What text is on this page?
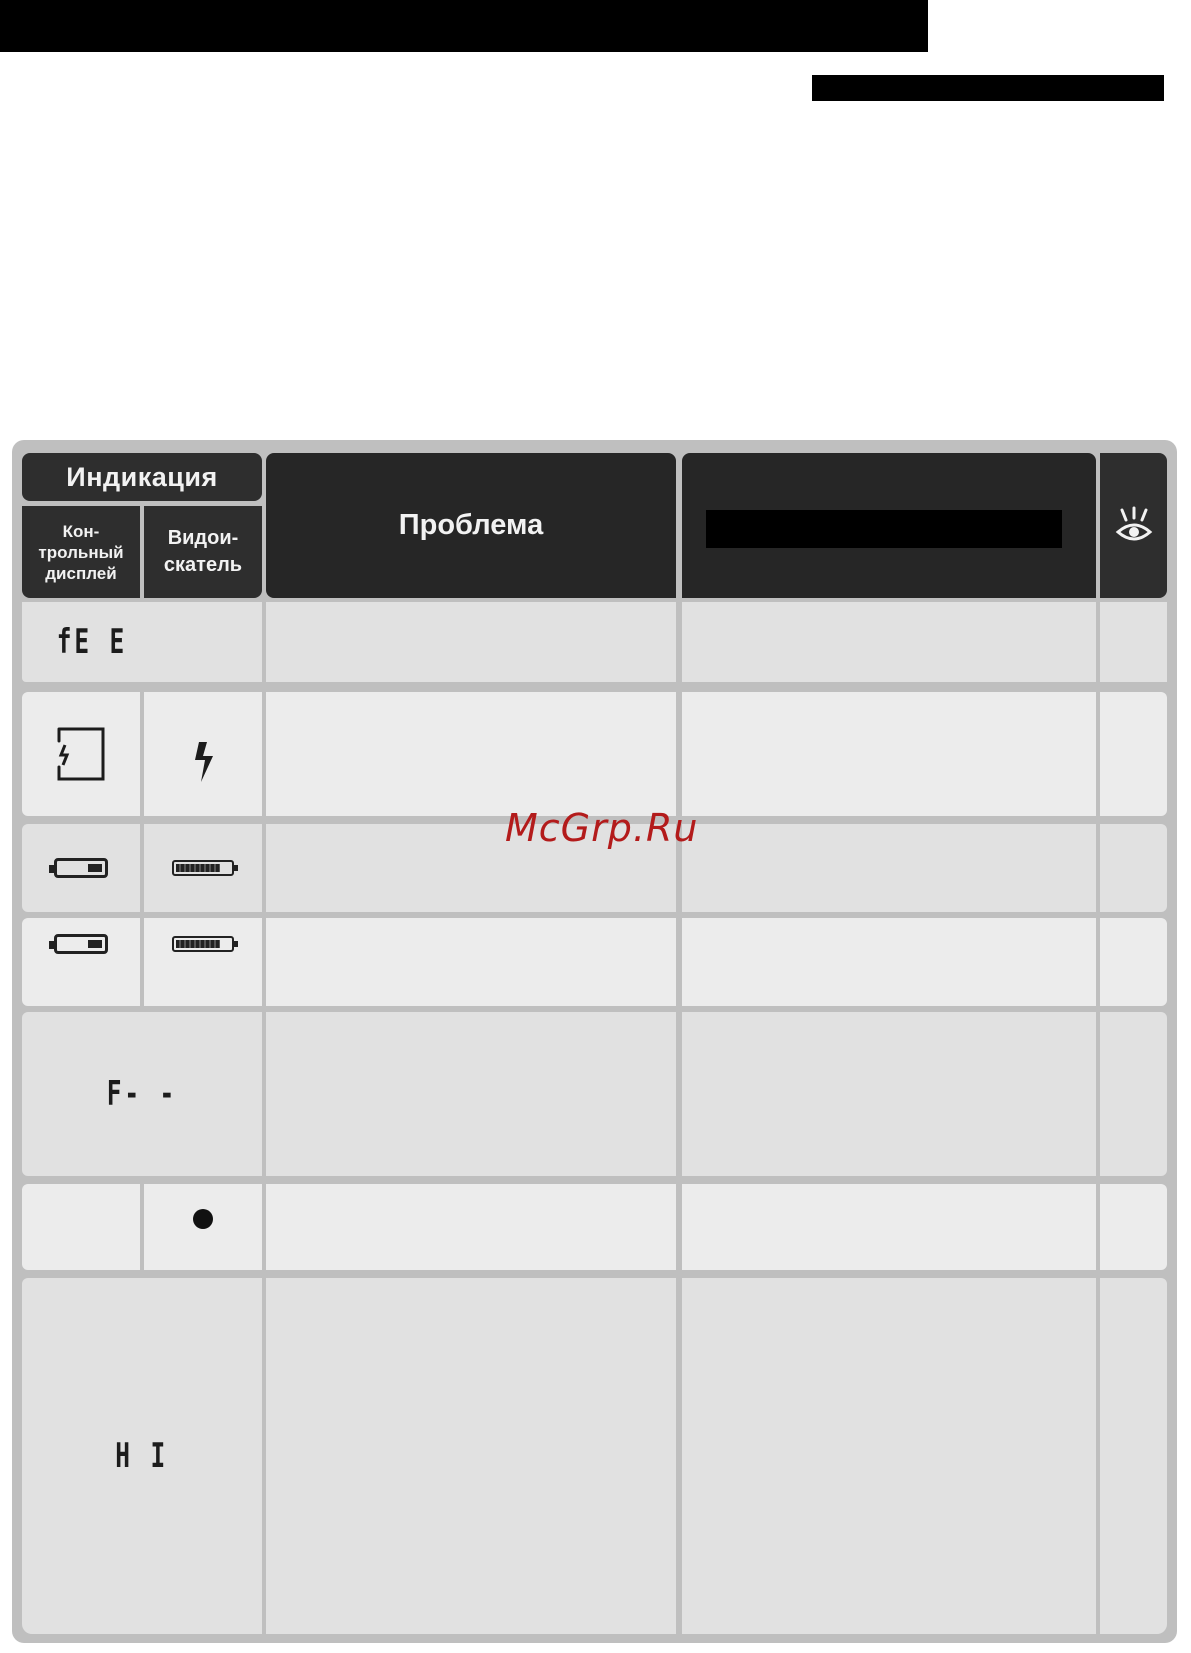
Индикация
Кон-
трольный
дисплей
Видои-
скатель
Проблема
fE E
F- -
H I
McGrp.Ru
